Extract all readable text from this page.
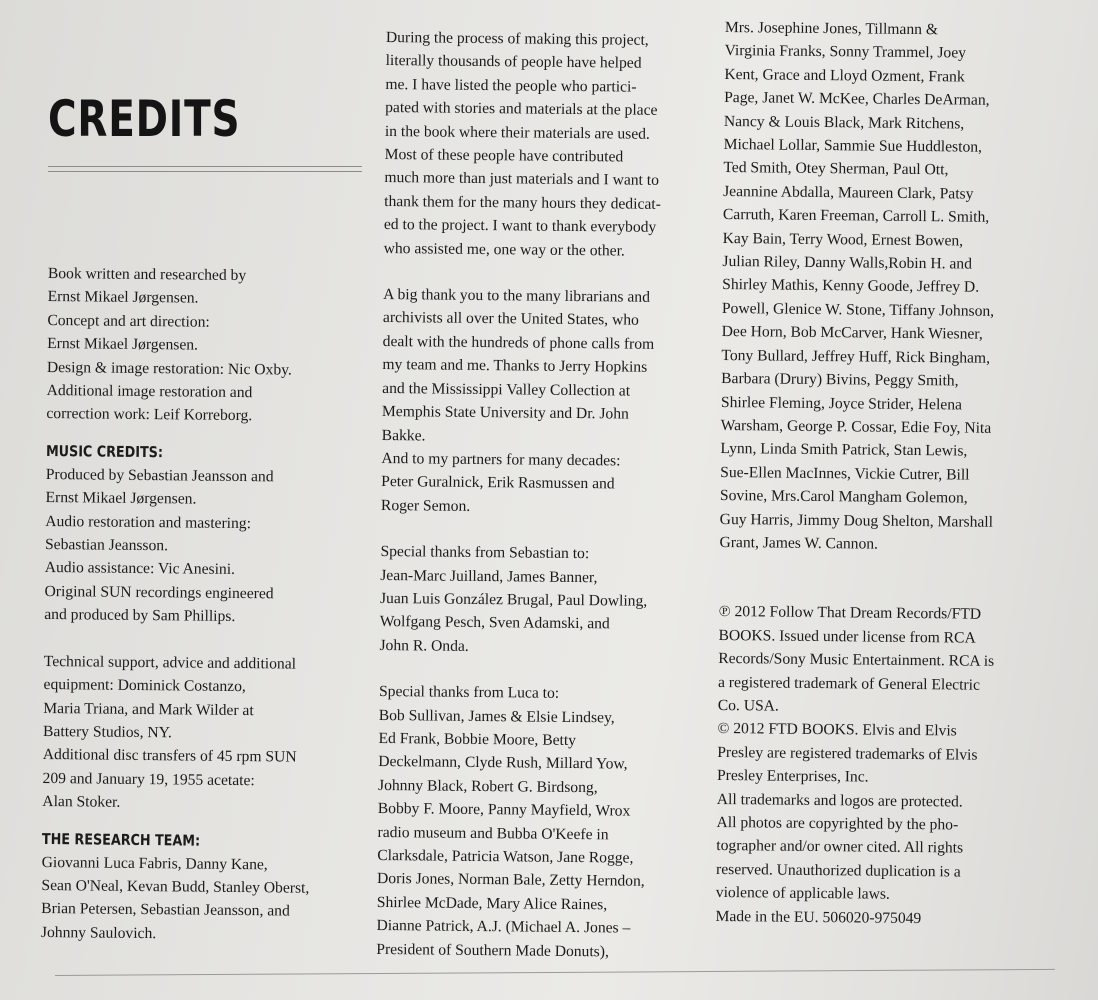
CREDITS

Book written and researched by

Ernst Mikael Jørgensen.

Concept and art direction:

Ernst Mikael Jørgensen.

Design & image restoration: Nic Oxby.

Additional image restoration and

correction work: Leif Korreborg.

MUSIC CREDITS:

Produced by Sebastian Jeansson and

Ernst Mikael Jørgensen.

Audio restoration and mastering:

Sebastian Jeansson.

Audio assistance: Vic Anesini.

Original SUN recordings engineered

and produced by Sam Phillips.

Technical support, advice and additional

equipment: Dominick Costanzo,

Maria Triana, and Mark Wilder at

Battery Studios, NY.

Additional disc transfers of 45 rpm SUN

209 and January 19, 1955 acetate:

Alan Stoker.

THE RESEARCH TEAM:

Giovanni Luca Fabris, Danny Kane,

Sean O'Neal, Kevan Budd, Stanley Oberst,

Brian Petersen, Sebastian Jeansson, and

Johnny Saulovich.

During the process of making this project,

literally thousands of people have helped

me. I have listed the people who partici-

pated with stories and materials at the place

in the book where their materials are used.

Most of these people have contributed

much more than just materials and I want to

thank them for the many hours they dedicat-

ed to the project. I want to thank everybody

who assisted me, one way or the other.

A big thank you to the many librarians and

archivists all over the United States, who

dealt with the hundreds of phone calls from

my team and me. Thanks to Jerry Hopkins

and the Mississippi Valley Collection at

Memphis State University and Dr. John

Bakke.

And to my partners for many decades:

Peter Guralnick, Erik Rasmussen and

Roger Semon.

Special thanks from Sebastian to:

Jean-Marc Juilland, James Banner,

Juan Luis González Brugal, Paul Dowling,

Wolfgang Pesch, Sven Adamski, and

John R. Onda.

Special thanks from Luca to:

Bob Sullivan, James & Elsie Lindsey,

Ed Frank, Bobbie Moore, Betty

Deckelmann, Clyde Rush, Millard Yow,

Johnny Black, Robert G. Birdsong,

Bobby F. Moore, Panny Mayfield, Wrox

radio museum and Bubba O'Keefe in

Clarksdale, Patricia Watson, Jane Rogge,

Doris Jones, Norman Bale, Zetty Herndon,

Shirlee McDade, Mary Alice Raines,

Dianne Patrick, A.J. (Michael A. Jones –

President of Southern Made Donuts),

Mrs. Josephine Jones, Tillmann &

Virginia Franks, Sonny Trammel, Joey

Kent, Grace and Lloyd Ozment, Frank

Page, Janet W. McKee, Charles DeArman,

Nancy & Louis Black, Mark Ritchens,

Michael Lollar, Sammie Sue Huddleston,

Ted Smith, Otey Sherman, Paul Ott,

Jeannine Abdalla, Maureen Clark, Patsy

Carruth, Karen Freeman, Carroll L. Smith,

Kay Bain, Terry Wood, Ernest Bowen,

Julian Riley, Danny Walls,Robin H. and

Shirley Mathis, Kenny Goode, Jeffrey D.

Powell, Glenice W. Stone, Tiffany Johnson,

Dee Horn, Bob McCarver, Hank Wiesner,

Tony Bullard, Jeffrey Huff, Rick Bingham,

Barbara (Drury) Bivins, Peggy Smith,

Shirlee Fleming, Joyce Strider, Helena

Warsham, George P. Cossar, Edie Foy, Nita

Lynn, Linda Smith Patrick, Stan Lewis,

Sue-Ellen MacInnes, Vickie Cutrer, Bill

Sovine, Mrs.Carol Mangham Golemon,

Guy Harris, Jimmy Doug Shelton, Marshall

Grant, James W. Cannon.

℗ 2012 Follow That Dream Records/FTD

BOOKS. Issued under license from RCA

Records/Sony Music Entertainment. RCA is

a registered trademark of General Electric

Co. USA.

© 2012 FTD BOOKS. Elvis and Elvis

Presley are registered trademarks of Elvis

Presley Enterprises, Inc.

All trademarks and logos are protected.

All photos are copyrighted by the pho-

tographer and/or owner cited. All rights

reserved. Unauthorized duplication is a

violence of applicable laws.

Made in the EU. 506020-975049
